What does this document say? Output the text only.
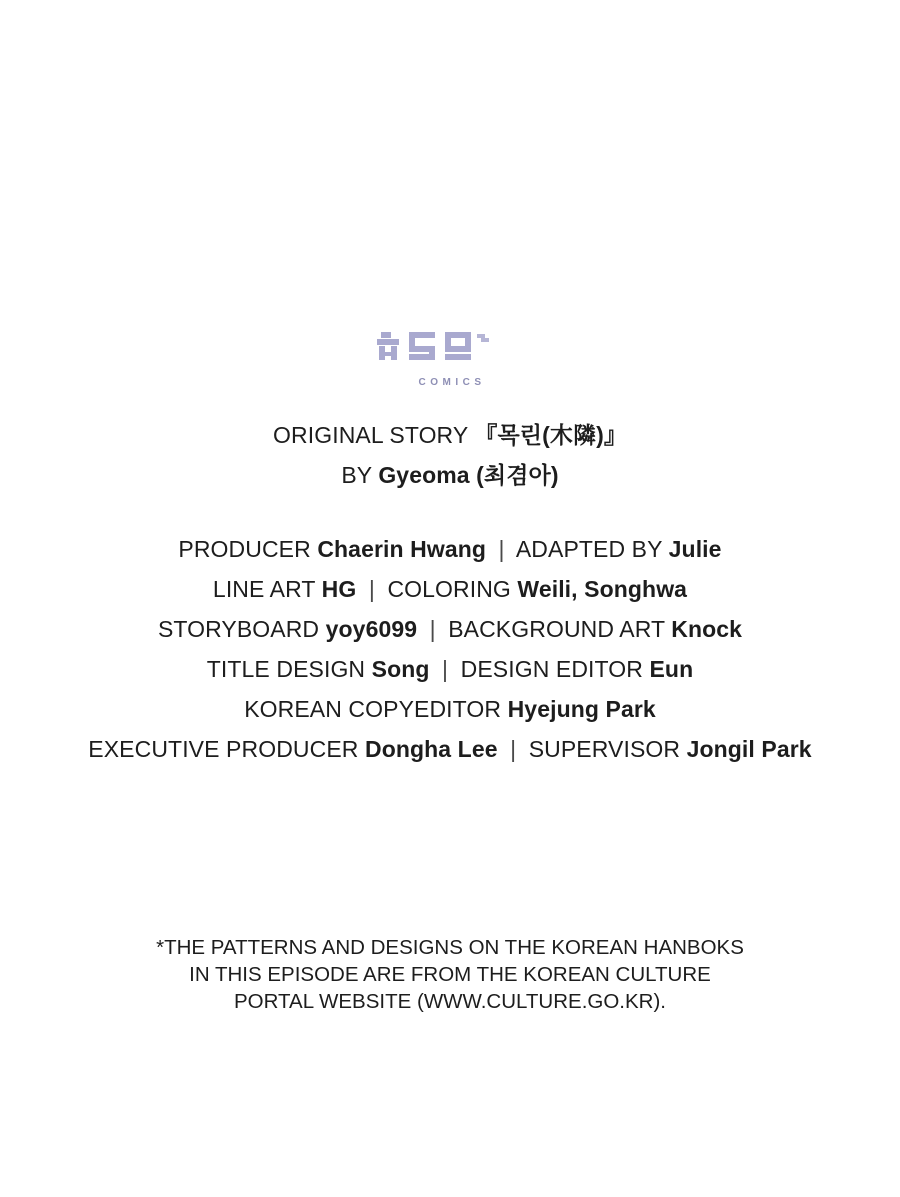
COMICS
ORIGINAL STORY 『목린(木隣)』
BY Gyeoma (최겸아)
PRODUCER Chaerin Hwang | ADAPTED BY Julie
LINE ART HG | COLORING Weili, Songhwa
STORYBOARD yoy6099 | BACKGROUND ART Knock
TITLE DESIGN Song | DESIGN EDITOR Eun
KOREAN COPYEDITOR Hyejung Park
EXECUTIVE PRODUCER Dongha Lee | SUPERVISOR Jongil Park
*THE PATTERNS AND DESIGNS ON THE KOREAN HANBOKS
IN THIS EPISODE ARE FROM THE KOREAN CULTURE
PORTAL WEBSITE (WWW.CULTURE.GO.KR).
